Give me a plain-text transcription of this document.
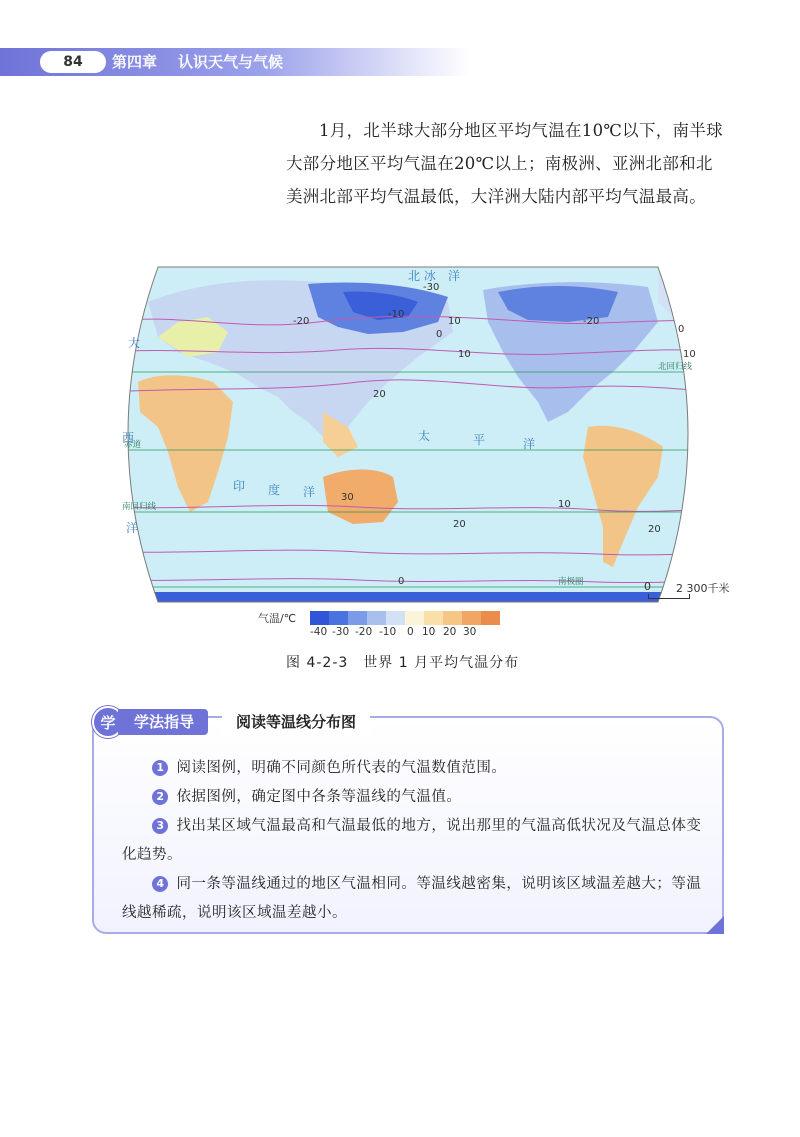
84	第四章 认识天气与气候
1月，北半球大部分地区平均气温在10℃以下，南半球大部分地区平均气温在20℃以上；南极洲、亚洲北部和北美洲北部平均气温最低，大洋洲大陆内部平均气温最高。
-30
-20
-10
0
10
20
30
-20
10
0
10
20	20
0
10
北 冰 洋
大
太	平	洋
印 度 洋
西
洋
北回归线
赤道
南回归线
南极圈	0 2 300千米
气温/℃
-40 -30 -20 -10 0 10 20 30
图 4-2-3　世界 1 月平均气温分布
1 阅读图例，明确不同颜色所代表的气温数值范围。
2 依据图例，确定图中各条等温线的气温值。
3 找出某区域气温最高和气温最低的地方，说出那里的气温高低状况及气温总体变化趋势。
4 同一条等温线通过的地区气温相同。等温线越密集，说明该区域温差越大；等温线越稀疏，说明该区域温差越小。
学	学法指导	阅读等温线分布图
